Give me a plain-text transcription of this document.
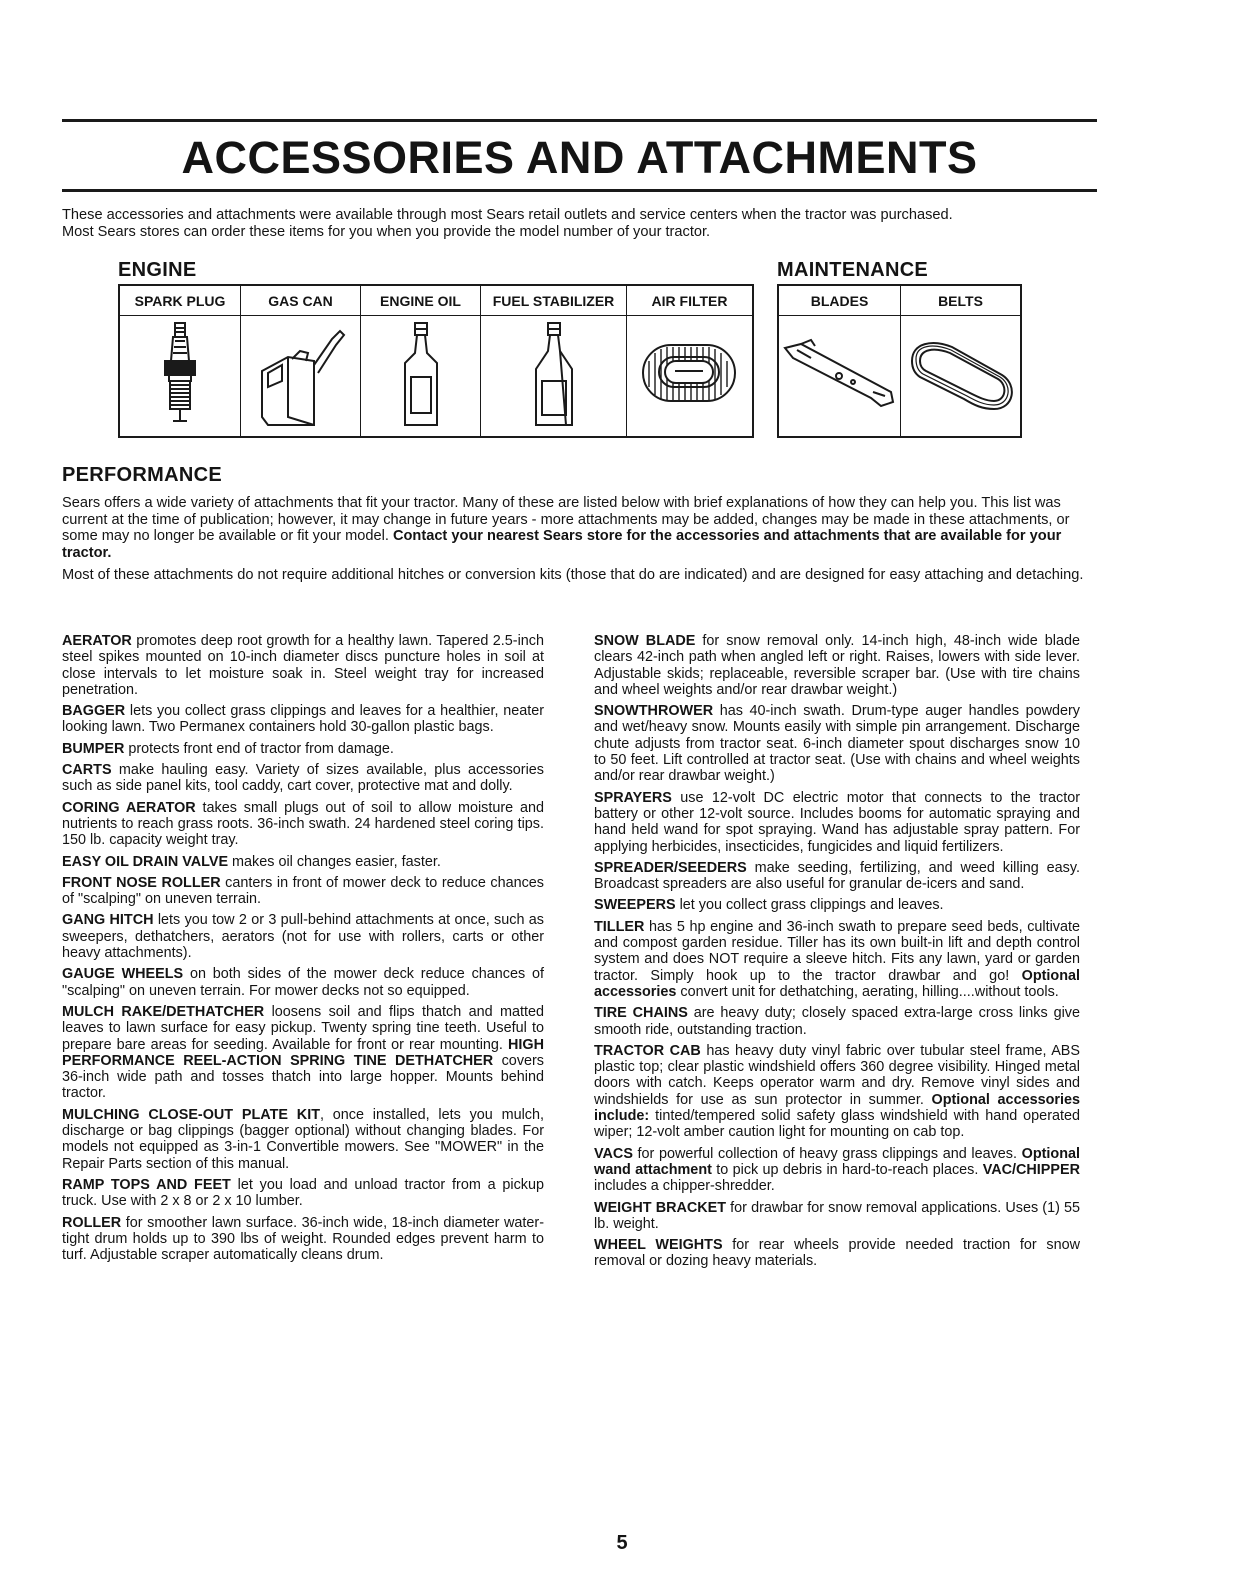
ACCESSORIES AND ATTACHMENTS
These accessories and attachments were available through most Sears retail outlets and service centers when the tractor was purchased.
Most Sears stores can order these items for you when you provide the model number of your tractor.
ENGINE
SPARK PLUG	GAS CAN	ENGINE OIL	FUEL STABILIZER	AIR FILTER
MAINTENANCE
BLADES	BELTS
PERFORMANCE

Sears offers a wide variety of attachments that fit your tractor. Many of these are listed below with brief explanations of how they can help you. This list was current at the time of publication; however, it may change in future years - more attachments may be added, changes may be made in these attachments, or some may no longer be available or fit your model. Contact your nearest Sears store for the accessories and attachments that are available for your tractor.

Most of these attachments do not require additional hitches or conversion kits (those that do are indicated) and are designed for easy attaching and detaching.

AERATOR promotes deep root growth for a healthy lawn. Tapered 2.5-inch steel spikes mounted on 10-inch diameter discs puncture holes in soil at close intervals to let moisture soak in. Steel weight tray for increased penetration.

BAGGER lets you collect grass clippings and leaves for a healthier, neater looking lawn. Two Permanex containers hold 30-gallon plastic bags.

BUMPER protects front end of tractor from damage.

CARTS make hauling easy. Variety of sizes available, plus accessories such as side panel kits, tool caddy, cart cover, protective mat and dolly.

CORING AERATOR takes small plugs out of soil to allow moisture and nutrients to reach grass roots. 36-inch swath. 24 hardened steel coring tips. 150 lb. capacity weight tray.

EASY OIL DRAIN VALVE makes oil changes easier, faster.

FRONT NOSE ROLLER canters in front of mower deck to reduce chances of "scalping" on uneven terrain.

GANG HITCH lets you tow 2 or 3 pull-behind attachments at once, such as sweepers, dethatchers, aerators (not for use with rollers, carts or other heavy attachments).

GAUGE WHEELS on both sides of the mower deck reduce chances of "scalping" on uneven terrain. For mower decks not so equipped.

MULCH RAKE/DETHATCHER loosens soil and flips thatch and matted leaves to lawn surface for easy pickup. Twenty spring tine teeth. Useful to prepare bare areas for seeding. Available for front or rear mounting. HIGH PERFORMANCE REEL-ACTION SPRING TINE DETHATCHER covers 36-inch wide path and tosses thatch into large hopper. Mounts behind tractor.

MULCHING CLOSE-OUT PLATE KIT, once installed, lets you mulch, discharge or bag clippings (bagger optional) without changing blades. For models not equipped as 3-in-1 Convertible mowers. See "MOWER" in the Repair Parts section of this manual.

RAMP TOPS AND FEET let you load and unload tractor from a pickup truck. Use with 2 x 8 or 2 x 10 lumber.

ROLLER for smoother lawn surface. 36-inch wide, 18-inch diameter water-tight drum holds up to 390 lbs of weight. Rounded edges prevent harm to turf. Adjustable scraper automatically cleans drum.

SNOW BLADE for snow removal only. 14-inch high, 48-inch wide blade clears 42-inch path when angled left or right. Raises, lowers with side lever. Adjustable skids; replaceable, reversible scraper bar. (Use with tire chains and wheel weights and/or rear drawbar weight.)

SNOWTHROWER has 40-inch swath. Drum-type auger handles powdery and wet/heavy snow. Mounts easily with simple pin arrangement. Discharge chute adjusts from tractor seat. 6-inch diameter spout discharges snow 10 to 50 feet. Lift controlled at tractor seat. (Use with chains and wheel weights and/or rear drawbar weight.)

SPRAYERS use 12-volt DC electric motor that connects to the tractor battery or other 12-volt source. Includes booms for automatic spraying and hand held wand for spot spraying. Wand has adjustable spray pattern. For applying herbicides, insecticides, fungicides and liquid fertilizers.

SPREADER/SEEDERS make seeding, fertilizing, and weed killing easy. Broadcast spreaders are also useful for granular de-icers and sand.

SWEEPERS let you collect grass clippings and leaves.

TILLER has 5 hp engine and 36-inch swath to prepare seed beds, cultivate and compost garden residue. Tiller has its own built-in lift and depth control system and does NOT require a sleeve hitch. Fits any lawn, yard or garden tractor. Simply hook up to the tractor drawbar and go! Optional accessories convert unit for dethatching, aerating, hilling....without tools.

TIRE CHAINS are heavy duty; closely spaced extra-large cross links give smooth ride, outstanding traction.

TRACTOR CAB has heavy duty vinyl fabric over tubular steel frame, ABS plastic top; clear plastic windshield offers 360 degree visibility. Hinged metal doors with catch. Keeps operator warm and dry. Remove vinyl sides and windshields for use as sun protector in summer. Optional accessories include: tinted/tempered solid safety glass windshield with hand operated wiper; 12-volt amber caution light for mounting on cab top.

VACS for powerful collection of heavy grass clippings and leaves. Optional wand attachment to pick up debris in hard-to-reach places. VAC/CHIPPER includes a chipper-shredder.

WEIGHT BRACKET for drawbar for snow removal applications. Uses (1) 55 lb. weight.

WHEEL WEIGHTS for rear wheels provide needed traction for snow removal or dozing heavy materials.

5
